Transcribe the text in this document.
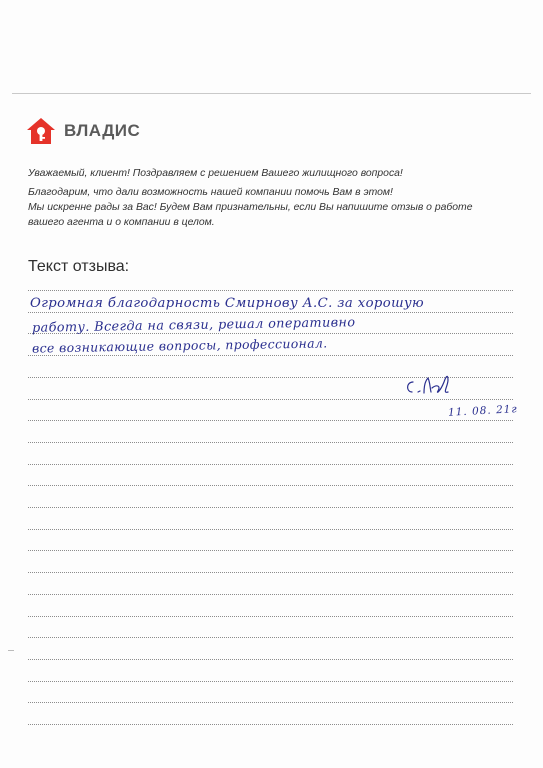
ВЛАДИС

Уважаемый, клиент! Поздравляем с решением Вашего жилищного вопроса!

Благодарим, что дали возможность нашей компании помочь Вам в этом!

Мы искренне рады за Вас! Будем Вам признательны, если Вы напишите отзыв о работе

вашего агента и о компании в целом.

Текст отзыва:
Огромная благодарность Смирнову А.С. за хорошую
работу. Всегда на связи, решал оперативно
все возникающие вопросы, профессионал.
11. 08. 21г
